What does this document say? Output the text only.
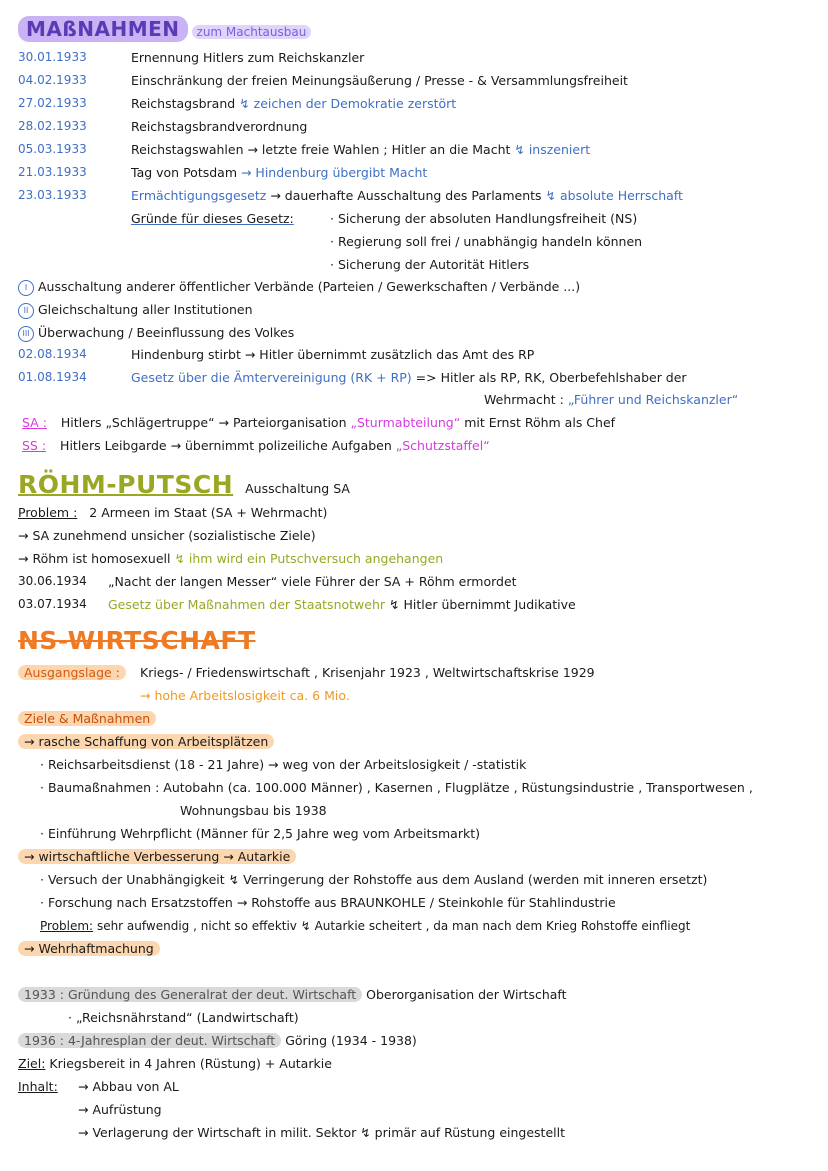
MAßNAHMEN zum Machtausbau
30.01.1933	Ernennung Hitlers zum Reichskanzler
04.02.1933	Einschränkung der freien Meinungsäußerung / Presse - & Versammlungsfreiheit
27.02.1933	Reichstagsbrand ↯ zeichen der Demokratie zerstört
28.02.1933	Reichstagsbrandverordnung
05.03.1933	Reichstagswahlen → letzte freie Wahlen ; Hitler an die Macht ↯ inszeniert
21.03.1933	Tag von Potsdam → Hindenburg übergibt Macht
23.03.1933	Ermächtigungsgesetz → dauerhafte Ausschaltung des Parlaments ↯ absolute Herrschaft
Gründe für dieses Gesetz:	· Sicherung der absoluten Handlungsfreiheit (NS)
· Regierung soll frei / unabhängig handeln können
· Sicherung der Autorität Hitlers
I Ausschaltung anderer öffentlicher Verbände (Parteien / Gewerkschaften / Verbände ...)
II Gleichschaltung aller Institutionen
III Überwachung / Beeinflussung des Volkes
02.08.1934	Hindenburg stirbt → Hitler übernimmt zusätzlich das Amt des RP
01.08.1934	Gesetz über die Ämtervereinigung (RK + RP) => Hitler als RP, RK, Oberbefehlshaber der
Wehrmacht : „Führer und Reichskanzler“
SA : Hitlers „Schlägertruppe“ → Parteiorganisation „Sturmabteilung“ mit Ernst Röhm als Chef
SS : Hitlers Leibgarde → übernimmt polizeiliche Aufgaben „Schutzstaffel“
RÖHM-PUTSCH Ausschaltung SA
Problem : 2 Armeen im Staat (SA + Wehrmacht)
→ SA zunehmend unsicher (sozialistische Ziele)
→ Röhm ist homosexuell ↯ ihm wird ein Putschversuch angehangen
30.06.1934 „Nacht der langen Messer“ viele Führer der SA + Röhm ermordet
03.07.1934 Gesetz über Maßnahmen der Staatsnotwehr ↯ Hitler übernimmt Judikative
NS-WIRTSCHAFT
Ausgangslage :	Kriegs- / Friedenswirtschaft , Krisenjahr 1923 , Weltwirtschaftskrise 1929
→ hohe Arbeitslosigkeit ca. 6 Mio.
Ziele & Maßnahmen
→ rasche Schaffung von Arbeitsplätzen
· Reichsarbeitsdienst (18 - 21 Jahre) → weg von der Arbeitslosigkeit / -statistik
· Baumaßnahmen : Autobahn (ca. 100.000 Männer) , Kasernen , Flugplätze , Rüstungsindustrie , Transportwesen ,
Wohnungsbau bis 1938
· Einführung Wehrpflicht (Männer für 2,5 Jahre weg vom Arbeitsmarkt)
→ wirtschaftliche Verbesserung → Autarkie
· Versuch der Unabhängigkeit ↯ Verringerung der Rohstoffe aus dem Ausland (werden mit inneren ersetzt)
· Forschung nach Ersatzstoffen → Rohstoffe aus BRAUNKOHLE / Steinkohle für Stahlindustrie
Problem: sehr aufwendig , nicht so effektiv ↯ Autarkie scheitert , da man nach dem Krieg Rohstoffe einfliegt
→ Wehrhaftmachung
1933 : Gründung des Generalrat der deut. Wirtschaft Oberorganisation der Wirtschaft
· „Reichsnährstand“ (Landwirtschaft)
1936 : 4-Jahresplan der deut. Wirtschaft Göring (1934 - 1938)
Ziel: Kriegsbereit in 4 Jahren (Rüstung) + Autarkie
Inhalt: → Abbau von AL
→ Aufrüstung
→ Verlagerung der Wirtschaft in milit. Sektor ↯ primär auf Rüstung eingestellt
